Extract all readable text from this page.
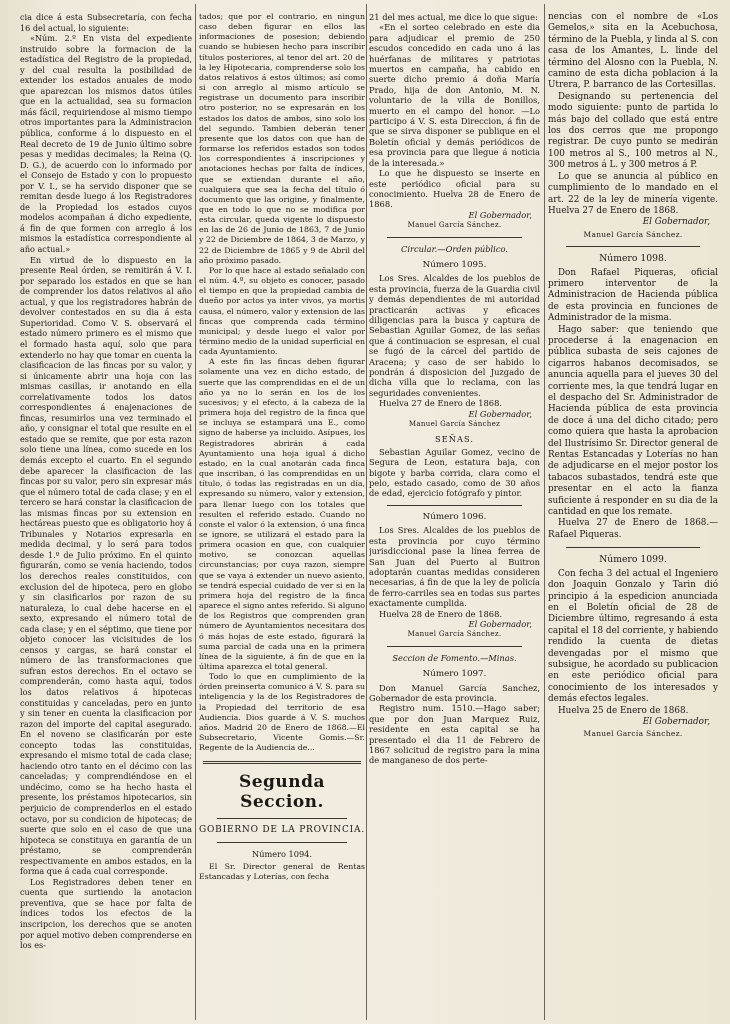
cia dice á esta Subsecretaría, con fecha 16 del actual, lo siguiente:

«Núm. 2.º En vista del expediente instruido sobre la formacion de la estadística del Registro de la propiedad, y del cual resulta la posibilidad de extender los estados anuales de modo que aparezcan los mismos datos útiles que en la actualidad, sea su formacion más fácil, requiriendose al mismo tiempo otros importantes para la Administracion pública, conforme á lo dispuesto en el Real decreto de 19 de Junio último sobre pesas y medidas decimales; la Reina (Q. D. G.), de acuerdo con lo informado por el Consejo de Estado y con lo propuesto por V. I., se ha servido disponer que se remitan desde luego á los Registradores de la Propiedad los estados cuyos modelos acompañan á dicho expediente, á fin de que formen con arreglo á los mismos la estadística correspondiente al año actual.»

En virtud de lo dispuesto en la presente Real órden, se remitirán á V. I. por separado los estados en que se han de comprender los datos relativos al año actual, y que los registradores habrán de devolver contestados en su dia á esta Superioridad. Como V. S. observará el estado número primero es el mismo que el formado hasta aquí, solo que para extenderlo no hay que tomar en cuenta la clasificacion de las fincas por su valor, y si únicamente abrir una hoja con las mismas casillas, ir anotando en ella correlativamente todos los datos correspondientes á enajenaciones de fincas, resumirlos una vez terminado el año, y consignar el total que resulte en el estado que se remite, que por esta razon solo tiene una línea, como sucede en los demás excepto el cuarto. En el segundo debe aparecer la clasificacion de las fincas por su valor, pero sin expresar más que el número total de cada clase; y en el tercero se hará constar la clasificacion de las mismas fincas por su extension en hectáreas puesto que es obligatorio hoy á Tribunales y Notarios expresarla en medida decimal, y lo será para todos desde 1.º de Julio próximo. En el quinto figurarán, como se venía haciendo, todos los derechos reales constituidos, con exclusion del de hipoteca, pero en globo y sin clasificarlos por razon de su naturaleza, lo cual debe hacerse en el sexto, expresando el número total de cada clase; y en el séptimo, que tiene por objeto conocer las vicisitudes de los censos y cargas, se hará constar el número de las transformaciones que sufran estos derechos. En el octavo se comprenderán, como hasta aquí, todos los datos relativos á hipotecas constituidas y canceladas, pero en junto y sin tener en cuenta la clasificacion por razon del importe del capital asegurado. En el noveno se clasificarán por este concepto todas las constituidas, expresando el mismo total de cada clase; haciendo otro tanto en el décimo con las canceladas; y comprendiéndose en el undécimo, como se ha hecho hasta el presente, los préstamos hipotecarios, sin perjuicio de comprenderlos en el estado octavo, por su condicion de hipotecas; de suerte que solo en el caso de que una hipoteca se constituya en garantía de un préstamo, se comprenderán respectivamente en ambos estados, en la forma que á cada cual corresponde.

Los Registradores deben tener en cuenta que surtiendo la anotacion preventiva, que se hace por falta de índices todos los efectos de la inscripcion, los derechos que se anoten por aquel motivo deben comprenderse en los es-

tados; que por el contrario, en ningun caso deben figurar en ellos las informaciones de posesion; debiendo cuando se hubiesen hecho para inscribir títulos posteriores, al tenor del art. 20 de la ley Hipotecaria, comprenderse solo los datos relativos á estos últimos; así como si con arreglo al mismo artículo se registrase un documento para inscribir otro posterior, no se expresarán en los estados los datos de ambos, sino solo los del segundo. Tambien deberán tener presente que los datos con que han de formarse los referidos estados son todos los correspondientes á inscripciones y anotaciones hechas por falta de índices, que se extiendan durante el año, cualquiera que sea la fecha del título ó documento que las origine, y finalmente, que en todo lo que no se modifica por esta circular, queda vigente lo dispuesto en las de 26 de Junio de 1863, 7 de Junio y 22 de Diciembre de 1864, 3 de Marzo, y 22 de Diciembre de 1865 y 9 de Abril del año próximo pasado.

Por lo que hace al estado señalado con el núm. 4.º, su objeto es conocer, pasado el tiempo en que la propiedad cambia de dueño por actos ya inter vivos, ya mortis causa, el número, valor y extension de las fincas que comprenda cada término municipal; y desde luego el valor por término medio de la unidad superficial en cada Ayuntamiento.

A este fin las fincas deben figurar solamente una vez en dicho estado, de suerte que las comprendidas en el de un año ya no lo serán en los de los sucesivos; y el efecto, á la cabeza de la primera hoja del registro de la finca que se incluya se estampará una E., como signo de haberse ya incluido. Asípues, los Registradores abrirán á cada Ayuntamiento una hoja igual á dicho estado, en la cual anotarán cada finca que inscriban, ó las comprendidas en un título, ó todas las registradas en un día, expresando su número, valor y extension, para llenar luego con los totales que resulten el referido estado. Cuando no conste el valor ó la extension, ó una finca se ignore, se utilizará el estado para la primera ocasion en que, con cualquier motivo, se conozcan aquellas circunstancias; por cuya razon, siempre que se vaya á extender un nuevo asiento, se tendrá especial cuidado de ver si en la primera hoja del registro de la finca aparece el signo antes referido. Si alguno de los Registros que comprenden gran número de Ayuntamientos necesitara dos ó más hojas de este estado, figurará la suma parcial de cada una en la primera línea de la siguiente, á fin de que en la última aparezca el total general.

Todo lo que en cumplimiento de la órden preinserta comunico á V. S. para su inteligencia y la de los Registradores de la Propiedad del territorio de esa Audiencia. Dios guarde á V. S. muchos años. Madrid 20 de Enero de 1868.—El Subsecretario, Vicente Gomis.—Sr. Regente de la Audiencia de...

Segunda Seccion.
GOBIERNO DE LA PROVINCIA.
Número 1094.

El Sr. Director general de Rentas Estancadas y Loterías, con fecha

21 del mes actual, me dice lo que sigue:

«En el sorteo celebrado en este dia para adjudicar el premio de 250 escudos concedido en cada uno á las huérfanas de militares y patriotas muertos en campaña, ha cabido en suerte dicho premio á doña María Prado, hija de don Antonio, M. N. voluntario de la villa de Bonillos, muerto en el campo del honor. —Lo participo á V. S. esta Direccion, á fin de que se sirva disponer se publique en el Boletín oficial y demás periódicos de esa provincia para que llegue á noticia de la interesada.»

Lo que he dispuesto se inserte en este periódico oficial para su conocimiento. Huelva 28 de Enero de 1868.

El Gobernador,
Manuel García Sánchez.
Circular.—Orden público.
Número 1095.

Los Sres. Alcaldes de los pueblos de esta provincia, fuerza de la Guardia civil y demás dependientes de mi autoridad practicarán activas y eficaces diligencias para la busca y captura de Sebastian Aguilar Gomez, de las señas que á continuacion se espresan, el cual se fugó de la cárcel del partido de Aracena; y caso de ser habido lo pondrán á disposicion del Juzgado de dicha villa que lo reclama, con las seguridades convenientes.

Huelva 27 de Enero de 1868.

El Gobernador,
Manuel García Sánchez
SEÑAS.

Sebastian Aguilar Gomez, vecino de Segura de Leon, estatura baja, con bigote y barba corrida, clara como el pelo, estado casado, como de 30 años de edad, ejercicio fotógrafo y pintor.

Número 1096.

Los Sres. Alcaldes de los pueblos de esta provincia por cuyo término jurisdiccional pase la línea ferrea de San Juan del Puerto al Buitron adoptarán cuantas medidas consideren necesarias, á fin de que la ley de policía de ferro-carriles sea en todas sus partes exactamente cumplida.

Huelva 28 de Enero de 1868.

El Gobernador,
Manuel García Sánchez.
Seccion de Fomento.—Minas.
Número 1097.

Don Manuel García Sanchez, Gobernador de esta provincia.

Registro num. 1510.—Hago saber; que por don Juan Marquez Ruiz, residente en esta capital se ha presentado el dia 11 de Febrero de 1867 solicitud de registro para la mina de manganeso de dos perte-

nencias con el nombre de «Los Gemelos,» sita en la Acebuchosa, término de la Puebla, y linda al S. con casa de los Amantes, L. linde del término del Alosno con la Puebla, N. camino de esta dicha poblacion á la Utrera, P. barranco de las Cortesillas.

Designando su pertenencia del modo siguiente: punto de partida lo más bajo del collado que está entre los dos cerros que me propongo registrar. De cuyo punto se medirán 100 metros al S., 100 metros al N., 300 metros á L. y 300 metros á P.

Lo que se anuncia al público en cumplimiento de lo mandado en el art. 22 de la ley de minería vigente. Huelva 27 de Enero de 1868.

El Gobernador,
Manuel García Sánchez.
Número 1098.

Don Rafael Piqueras, oficial primero interventor de la Administracion de Hacienda pública de esta provincia en funciones de Administrador de la misma.

Hago saber: que teniendo que procederse á la enagenacion en pública subasta de seis cajones de cigarros habanos decomisados, se anuncia aquella para el jueves 30 del corriente mes, la que tendrá lugar en el despacho del Sr. Administrador de Hacienda pública de esta provincia de doce á una del dicho citado; pero como quiera que hasta la aprobacion del Ilustrísimo Sr. Director general de Rentas Estancadas y Loterías no han de adjudicarse en el mejor postor los tabacos subastados, tendrá este que presentar en el acto la fianza suficiente á responder en su dia de la cantidad en que los remate.

Huelva 27 de Enero de 1868.—Rafael Piqueras.

Número 1099.

Con fecha 3 del actual el Ingeniero don Joaquin Gonzalo y Tarin dió principio á la espedicion anunciada en el Boletín oficial de 28 de Diciembre último, regresando á esta capital el 18 del corriente, y habiendo rendido la cuenta de dietas devengadas por el mismo que subsigue, he acordado su publicacion en este periódico oficial para conocimiento de los interesados y demás efectos legales.

Huelva 25 de Enero de 1868.

El Gobernador,
Manuel García Sánchez.
